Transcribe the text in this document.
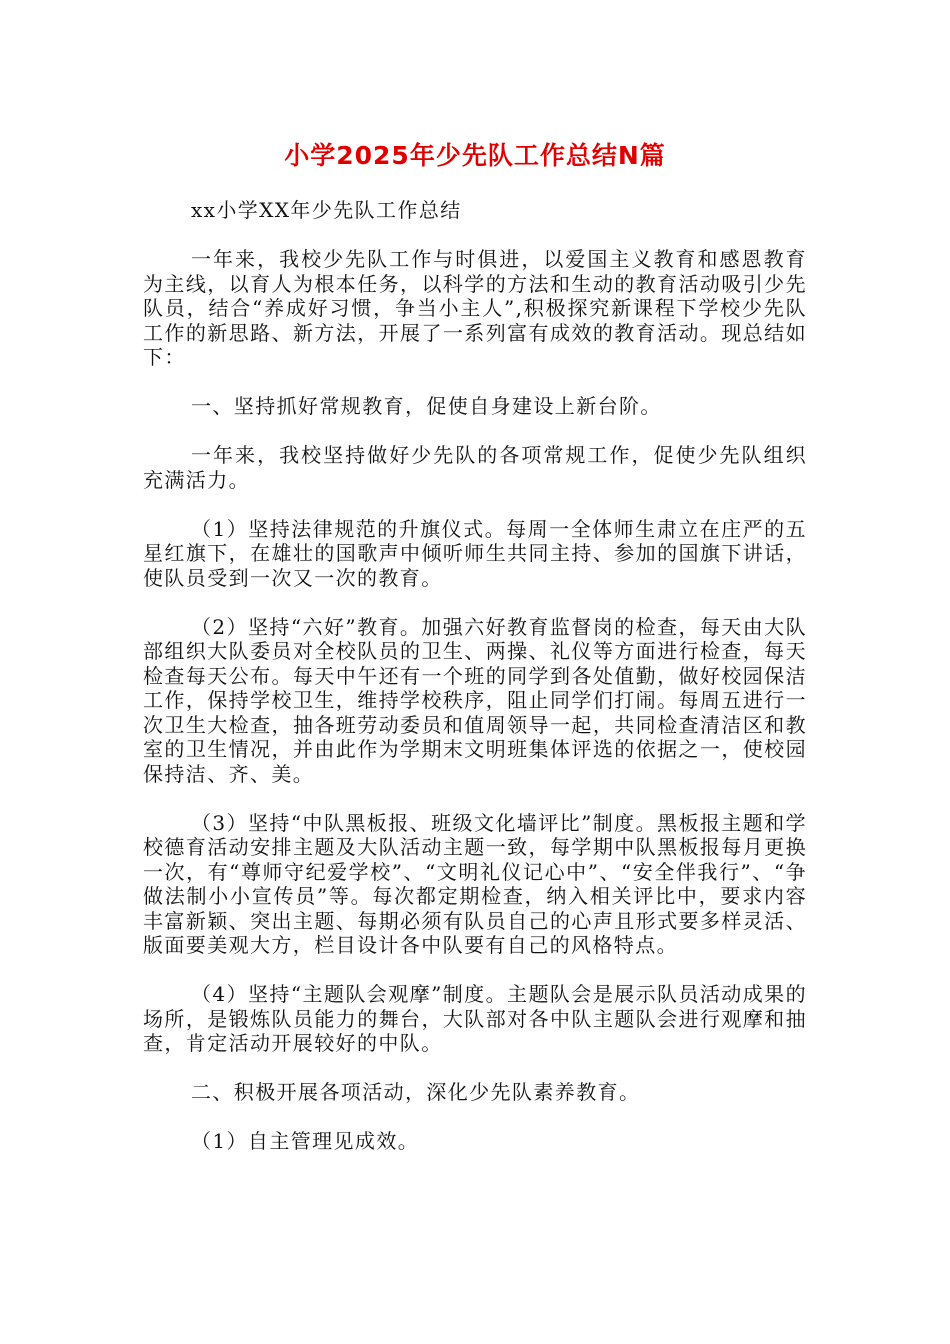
小学2025年少先队工作总结N篇

xx小学XX年少先队工作总结

一年来，我校少先队工作与时俱进，以爱国主义教育和感恩教育为主线，以育人为根本任务，以科学的方法和生动的教育活动吸引少先队员，结合“养成好习惯，争当小主人”,积极探究新课程下学校少先队工作的新思路、新方法，开展了一系列富有成效的教育活动。现总结如下：

一、坚持抓好常规教育，促使自身建设上新台阶。

一年来，我校坚持做好少先队的各项常规工作，促使少先队组织充满活力。

（1）坚持法律规范的升旗仪式。每周一全体师生肃立在庄严的五星红旗下，在雄壮的国歌声中倾听师生共同主持、参加的国旗下讲话，使队员受到一次又一次的教育。

（2）坚持“六好”教育。加强六好教育监督岗的检查，每天由大队部组织大队委员对全校队员的卫生、两操、礼仪等方面进行检查，每天检查每天公布。每天中午还有一个班的同学到各处值勤，做好校园保洁工作，保持学校卫生，维持学校秩序，阻止同学们打闹。每周五进行一次卫生大检查，抽各班劳动委员和值周领导一起，共同检查清洁区和教室的卫生情况，并由此作为学期末文明班集体评选的依据之一，使校园保持洁、齐、美。

（3）坚持“中队黑板报、班级文化墙评比”制度。黑板报主题和学校德育活动安排主题及大队活动主题一致，每学期中队黑板报每月更换一次，有“尊师守纪爱学校”、“文明礼仪记心中”、“安全伴我行”、“争做法制小小宣传员”等。每次都定期检查，纳入相关评比中，要求内容丰富新颖、突出主题、每期必须有队员自己的心声且形式要多样灵活、版面要美观大方，栏目设计各中队要有自己的风格特点。

（4）坚持“主题队会观摩”制度。主题队会是展示队员活动成果的场所，是锻炼队员能力的舞台，大队部对各中队主题队会进行观摩和抽查，肯定活动开展较好的中队。

二、积极开展各项活动，深化少先队素养教育。

（1）自主管理见成效。
